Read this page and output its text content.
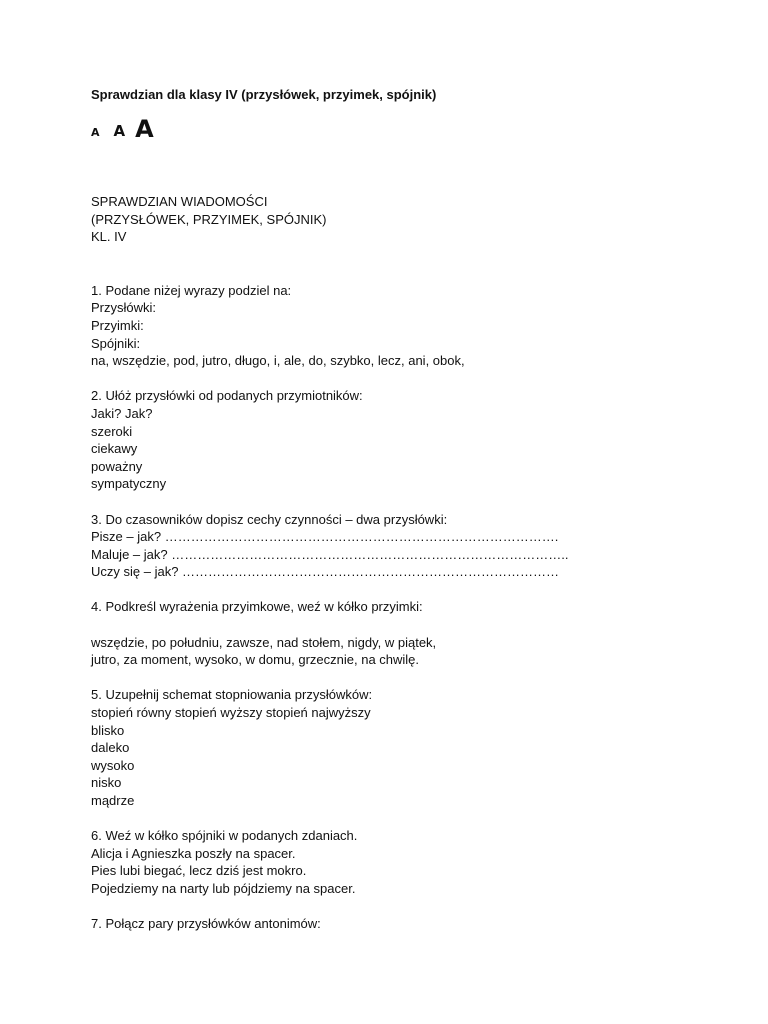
Sprawdzian dla klasy IV (przysłówek, przyimek, spójnik)

A A A
SPRAWDZIAN WIADOMOŚCI
(PRZYSŁÓWEK, PRZYIMEK, SPÓJNIK)
KL. IV
1. Podane niżej wyrazy podziel na:
Przysłówki:
Przyimki:
Spójniki:
na, wszędzie, pod, jutro, długo, i, ale, do, szybko, lecz, ani, obok,
2. Ułóż przysłówki od podanych przymiotników:
Jaki? Jak?
szeroki
ciekawy
poważny
sympatyczny
3. Do czasowników dopisz cechy czynności – dwa przysłówki:
Pisze – jak? ……………………………………………………………………………….
Maluje – jak? ………………………………………………………………………………..
Uczy się – jak? ……………………………………………………………………………
4. Podkreśl wyrażenia przyimkowe, weź w kółko przyimki:
wszędzie, po południu, zawsze, nad stołem, nigdy, w piątek,
jutro, za moment, wysoko, w domu, grzecznie, na chwilę.
5. Uzupełnij schemat stopniowania przysłówków:
stopień równy stopień wyższy stopień najwyższy
blisko
daleko
wysoko
nisko
mądrze
6. Weź w kółko spójniki w podanych zdaniach.
Alicja i Agnieszka poszły na spacer.
Pies lubi biegać, lecz dziś jest mokro.
Pojedziemy na narty lub pójdziemy na spacer.
7. Połącz pary przysłówków antonimów:
